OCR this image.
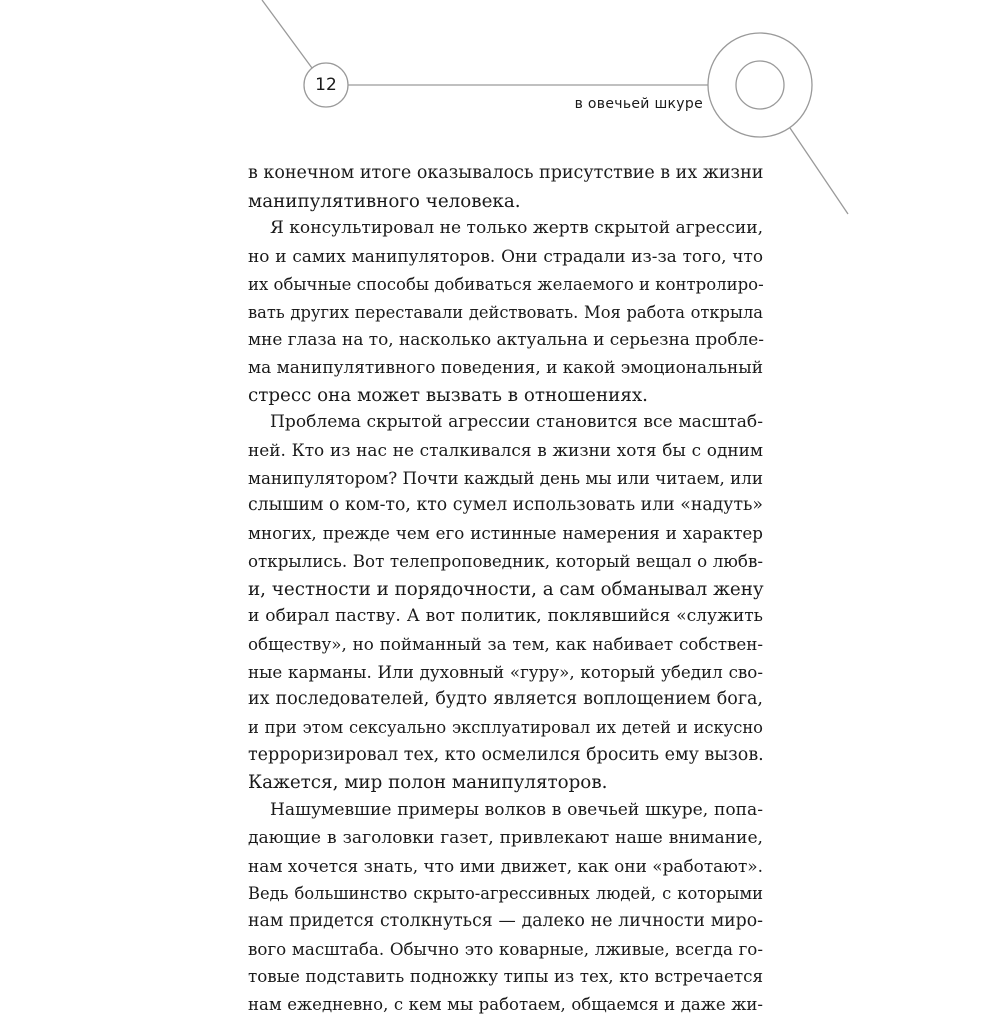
12
в овечьей шкуре
в конечном итоге оказывалось присутствие в их жизни
манипулятивного человека.
Я консультировал не только жертв скрытой агрессии,
но и самих манипуляторов. Они страдали из-за того, что
их обычные способы добиваться желаемого и контролиро-
вать других переставали действовать. Моя работа открыла
мне глаза на то, насколько актуальна и серьезна пробле-
ма манипулятивного поведения, и какой эмоциональный
стресс она может вызвать в отношениях.
Проблема скрытой агрессии становится все масштаб-
ней. Кто из нас не сталкивался в жизни хотя бы с одним
манипулятором? Почти каждый день мы или читаем, или
слышим о ком-то, кто сумел использовать или «надуть»
многих, прежде чем его истинные намерения и характер
открылись. Вот телепроповедник, который вещал о любв-
и, честности и порядочности, а сам обманывал жену
и обирал паству. А вот политик, поклявшийся «служить
обществу», но пойманный за тем, как набивает собствен-
ные карманы. Или духовный «гуру», который убедил сво-
их последователей, будто является воплощением бога,
и при этом сексуально эксплуатировал их детей и искусно
терроризировал тех, кто осмелился бросить ему вызов.
Кажется, мир полон манипуляторов.
Нашумевшие примеры волков в овечьей шкуре, попа-
дающие в заголовки газет, привлекают наше внимание,
нам хочется знать, что ими движет, как они «работают».
Ведь большинство скрыто-агрессивных людей, с которыми
нам придется столкнуться — далеко не личности миро-
вого масштаба. Обычно это коварные, лживые, всегда го-
товые подставить подножку типы из тех, кто встречается
нам ежедневно, с кем мы работаем, общаемся и даже жи-
